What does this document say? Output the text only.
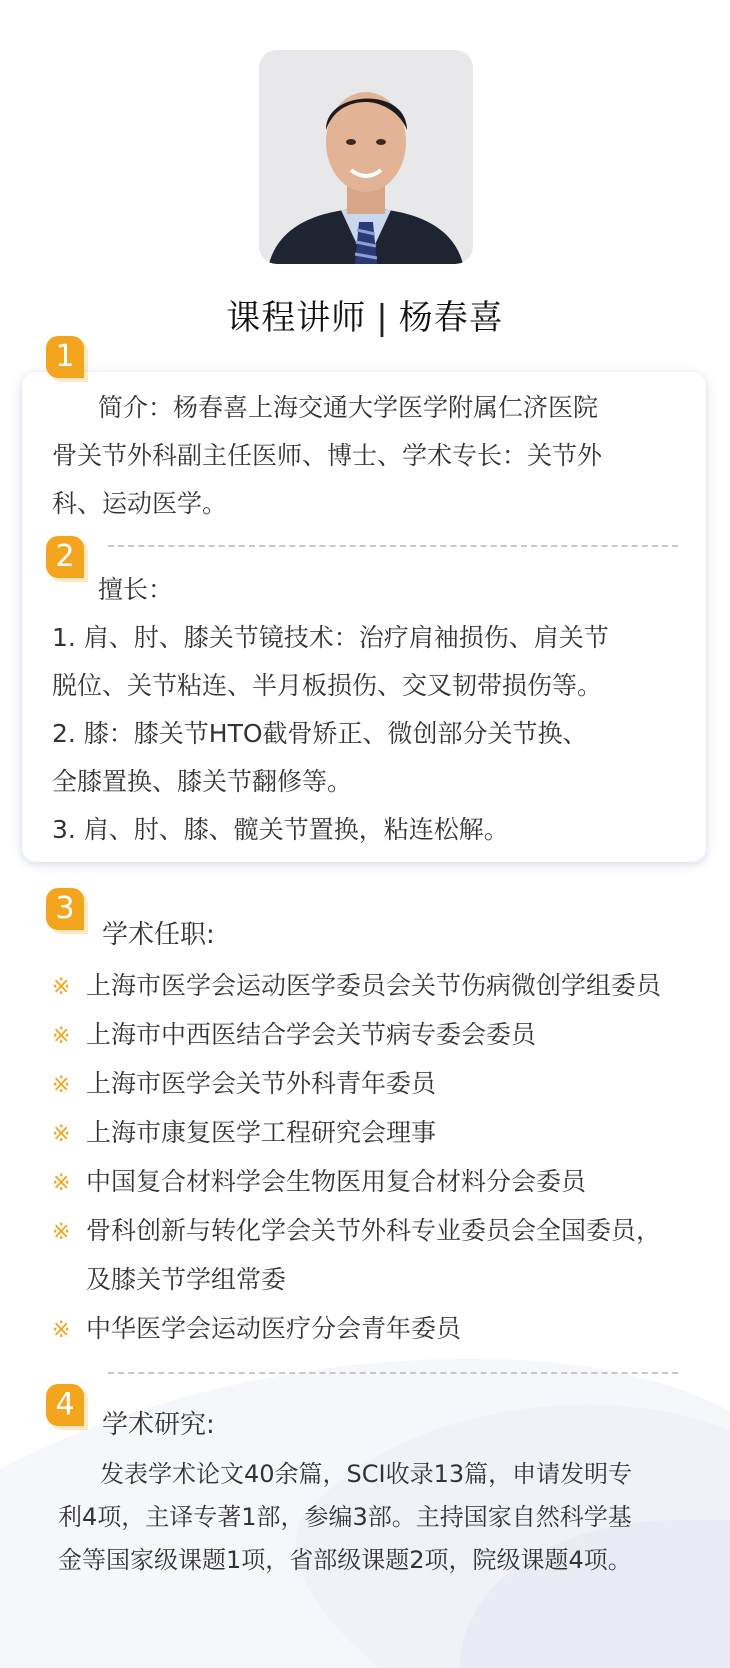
课程讲师 | 杨春喜
1
简介：杨春喜上海交通大学医学附属仁济医院
骨关节外科副主任医师、博士、学术专长：关节外
科、运动医学。
2
擅长：
1. 肩、肘、膝关节镜技术：治疗肩袖损伤、肩关节
脱位、关节粘连、半月板损伤、交叉韧带损伤等。
2. 膝：膝关节HTO截骨矫正、微创部分关节换、
全膝置换、膝关节翻修等。
3. 肩、肘、膝、髋关节置换，粘连松解。
3
学术任职:
※ 上海市医学会运动医学委员会关节伤病微创学组委员
※ 上海市中西医结合学会关节病专委会委员
※ 上海市医学会关节外科青年委员
※ 上海市康复医学工程研究会理事
※ 中国复合材料学会生物医用复合材料分会委员
※ 骨科创新与转化学会关节外科专业委员会全国委员，
及膝关节学组常委
※ 中华医学会运动医疗分会青年委员
4
学术研究:
发表学术论文40余篇，SCI收录13篇，申请发明专
利4项，主译专著1部，参编3部。主持国家自然科学基
金等国家级课题1项，省部级课题2项，院级课题4项。
